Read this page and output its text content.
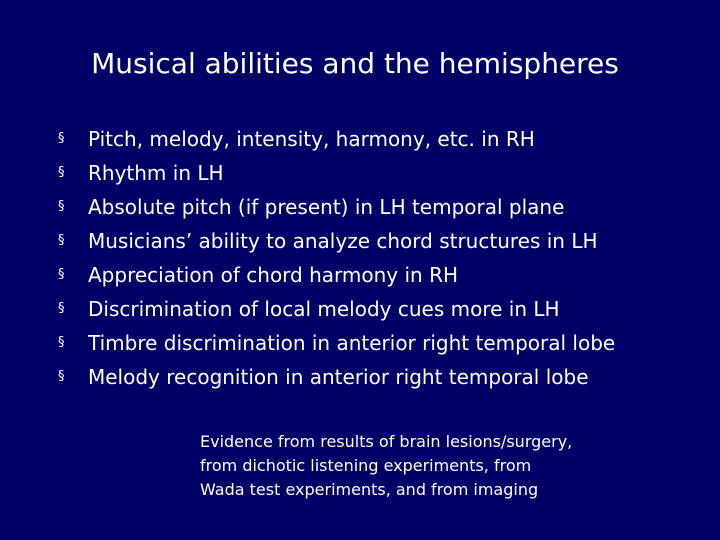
Musical abilities and the hemispheres
§	Pitch, melody, intensity, harmony, etc. in RH
§	Rhythm in LH
§	Absolute pitch (if present) in LH temporal plane
§	Musicians’ ability to analyze chord structures in LH
§	Appreciation of chord harmony in RH
§	Discrimination of local melody cues more in LH
§	Timbre discrimination in anterior right temporal lobe
§	Melody recognition in anterior right temporal lobe
Evidence from results of brain lesions/surgery,
from dichotic listening experiments, from
Wada test experiments, and from imaging
